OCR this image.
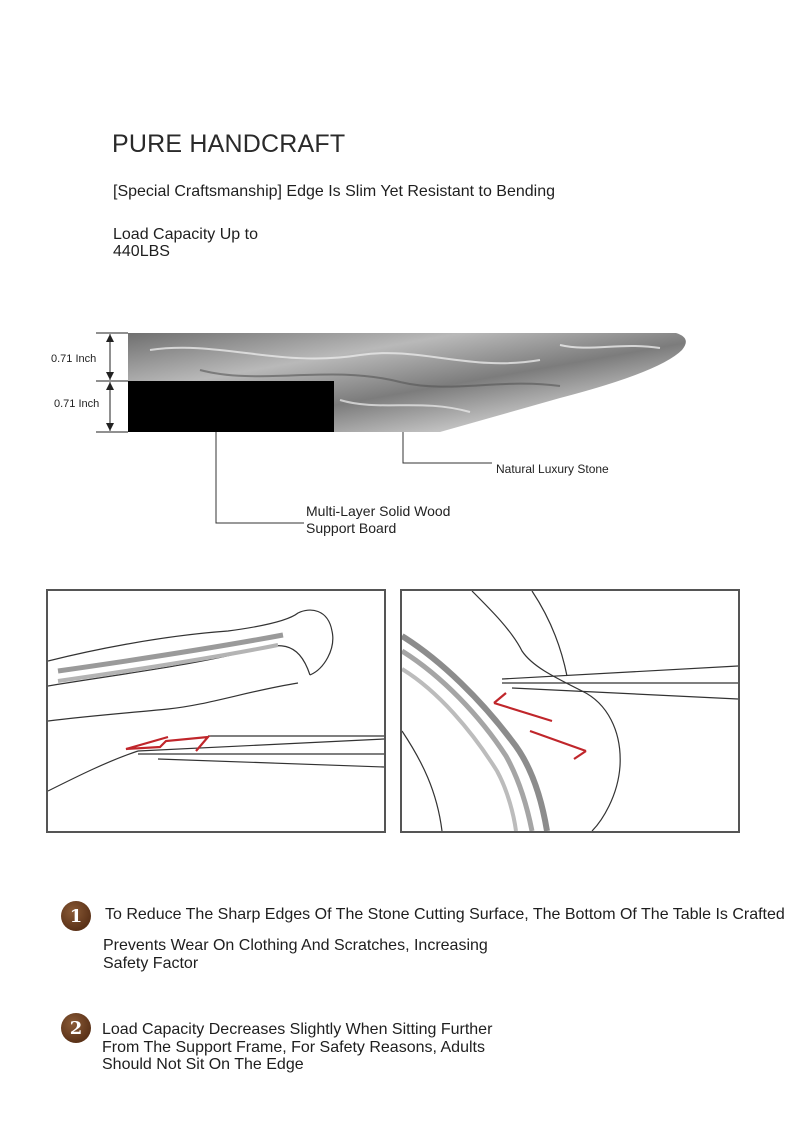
PURE HANDCRAFT
[Special Craftsmanship] Edge Is Slim Yet Resistant to Bending
Load Capacity Up to
440LBS
0.71 Inch
0.71 Inch
Natural Luxury Stone
Multi-Layer Solid Wood
Support Board
1	To Reduce The Sharp Edges Of The Stone Cutting Surface, The Bottom Of The Table Is Crafted
Prevents Wear On Clothing And Scratches, Increasing
Safety Factor
2	Load Capacity Decreases Slightly When Sitting Further
From The Support Frame, For Safety Reasons, Adults
Should Not Sit On The Edge
